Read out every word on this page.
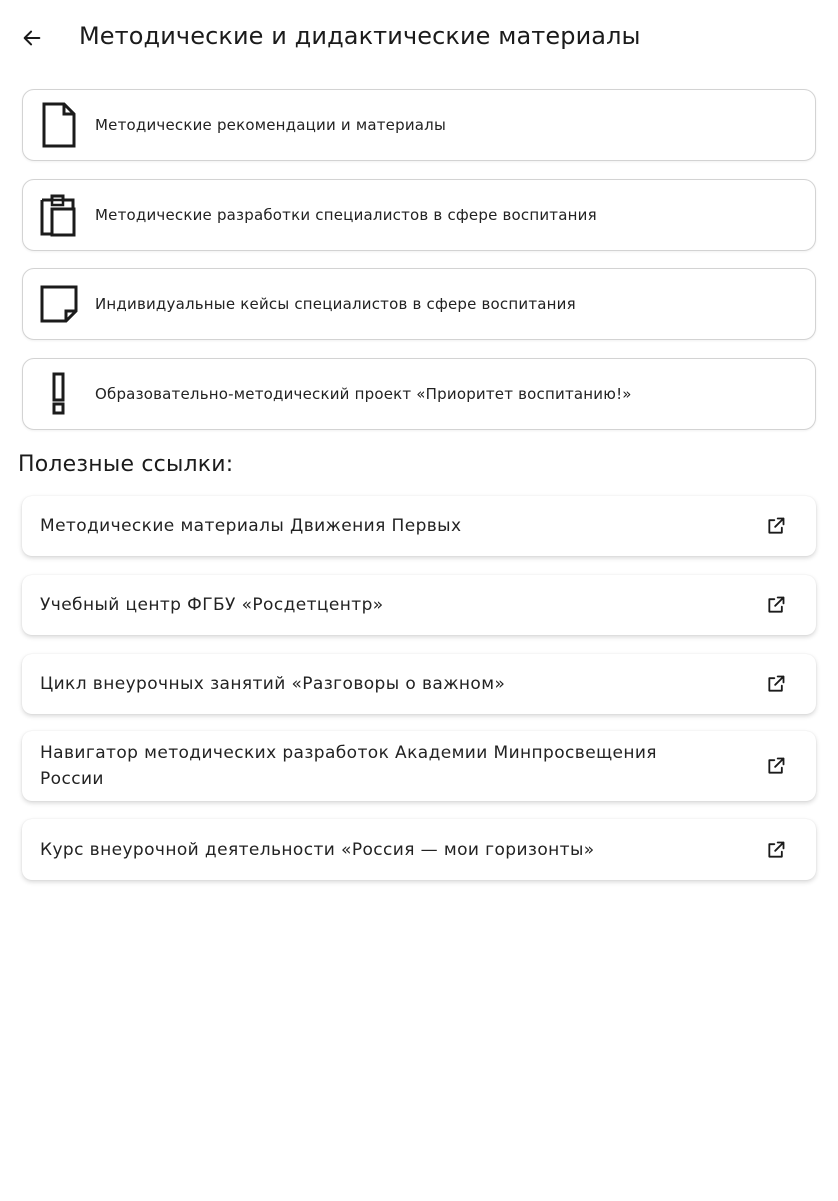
Методические и дидактические материалы
Методические рекомендации и материалы
Методические разработки специалистов в сфере воспитания
Индивидуальные кейсы специалистов в сфере воспитания
Образовательно-методический проект «Приоритет воспитанию!»
Полезные ссылки:
Методические материалы Движения Первых
Учебный центр ФГБУ «Росдетцентр»
Цикл внеурочных занятий «Разговоры о важном»
Навигатор методических разработок Академии Минпросвещения России
Курс внеурочной деятельности «Россия — мои горизонты»
